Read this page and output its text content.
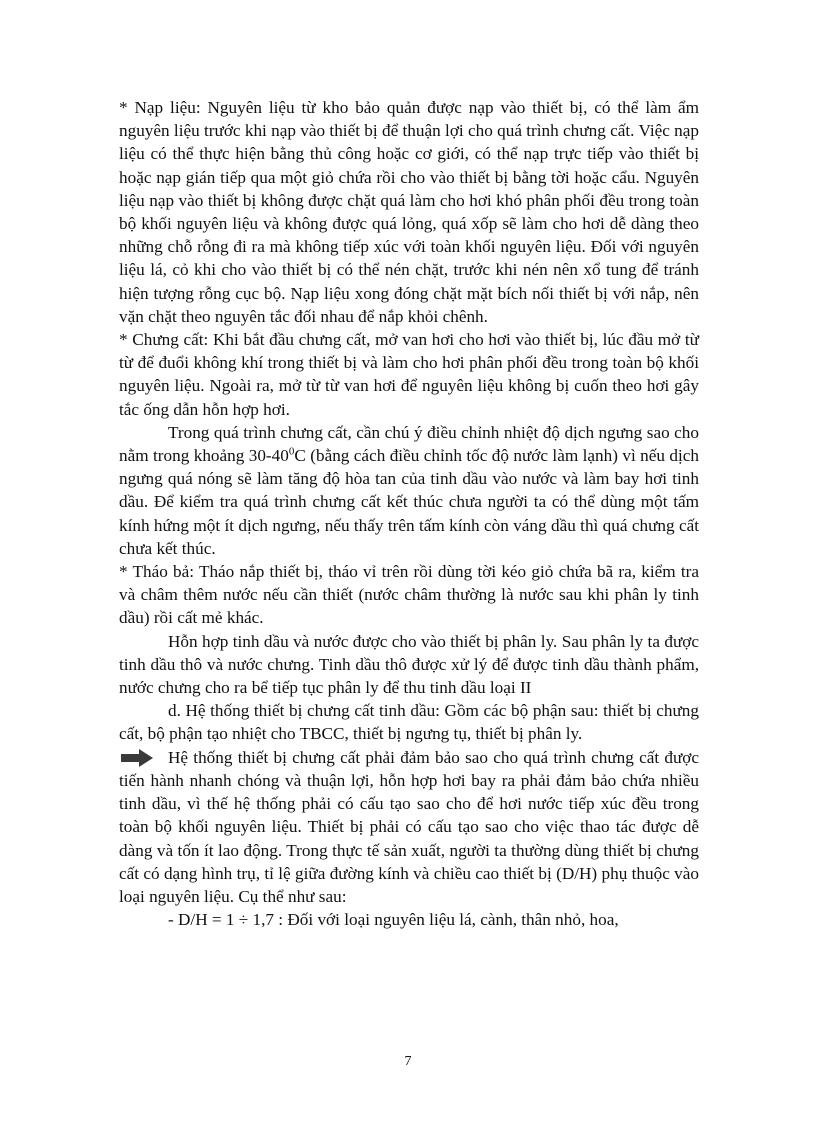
* Nạp liệu: Nguyên liệu từ kho bảo quản được nạp vào thiết bị, có thể làm ẩm nguyên liệu trước khi nạp vào thiết bị để thuận lợi cho quá trình chưng cất. Việc nạp liệu có thể thực hiện bằng thủ công hoặc cơ giới, có thể nạp trực tiếp vào thiết bị hoặc nạp gián tiếp qua một giỏ chứa rồi cho vào thiết bị bằng tời hoặc cẩu. Nguyên liệu nạp vào thiết bị không được chặt quá làm cho hơi khó phân phối đều trong toàn bộ khối nguyên liệu và không được quá lỏng, quá xốp sẽ làm cho hơi dễ dàng theo những chỗ rỗng đi ra mà không tiếp xúc với toàn khối nguyên liệu. Đối với nguyên liệu lá, cỏ khi cho vào thiết bị có thể nén chặt, trước khi nén nên xổ tung để tránh hiện tượng rỗng cục bộ. Nạp liệu xong đóng chặt mặt bích nối thiết bị với nắp, nên vặn chặt theo nguyên tắc đối nhau để nắp khỏi chênh.

* Chưng cất: Khi bắt đầu chưng cất, mở van hơi cho hơi vào thiết bị, lúc đầu mở từ từ để đuổi không khí trong thiết bị và làm cho hơi phân phối đều trong toàn bộ khối nguyên liệu. Ngoài ra, mở từ từ van hơi để nguyên liệu không bị cuốn theo hơi gây tắc ống dẫn hỗn hợp hơi.

Trong quá trình chưng cất, cần chú ý điều chỉnh nhiệt độ dịch ngưng sao cho nằm trong khoảng $30-40^0C$ (bằng cách điều chỉnh tốc độ nước làm lạnh) vì nếu dịch ngưng quá nóng sẽ làm tăng độ hòa tan của tinh dầu vào nước và làm bay hơi tinh dầu. Để kiểm tra quá trình chưng cất kết thúc chưa người ta có thể dùng một tấm kính hứng một ít dịch ngưng, nếu thấy trên tấm kính còn váng dầu thì quá chưng cất chưa kết thúc.

* Tháo bả: Tháo nắp thiết bị, tháo vỉ trên rồi dùng tời kéo giỏ chứa bã ra, kiểm tra và châm thêm nước nếu cần thiết (nước châm thường là nước sau khi phân ly tinh dầu) rồi cất mẻ khác.

Hỗn hợp tinh dầu và nước được cho vào thiết bị phân ly. Sau phân ly ta được tinh dầu thô và nước chưng. Tinh dầu thô được xử lý để được tinh dầu thành phẩm, nước chưng cho ra bể tiếp tục phân ly để thu tinh dầu loại II

d. Hệ thống thiết bị chưng cất tinh dầu: Gồm các bộ phận sau: thiết bị chưng cất, bộ phận tạo nhiệt cho TBCC, thiết bị ngưng tụ, thiết bị phân ly.

Hệ thống thiết bị chưng cất phải đảm bảo sao cho quá trình chưng cất được tiến hành nhanh chóng và thuận lợi, hỗn hợp hơi bay ra phải đảm bảo chứa nhiều tinh dầu, vì thế hệ thống phải có cấu tạo sao cho để hơi nước tiếp xúc đều trong toàn bộ khối nguyên liệu. Thiết bị phải có cấu tạo sao cho việc thao tác được dễ dàng và tốn ít lao động. Trong thực tế sản xuất, người ta thường dùng thiết bị chưng cất có dạng hình trụ, tỉ lệ giữa đường kính và chiều cao thiết bị (D/H) phụ thuộc vào loại nguyên liệu. Cụ thể như sau:

- D/H = 1 ÷ 1,7 : Đối với loại nguyên liệu lá, cành, thân nhỏ, hoa,

7
